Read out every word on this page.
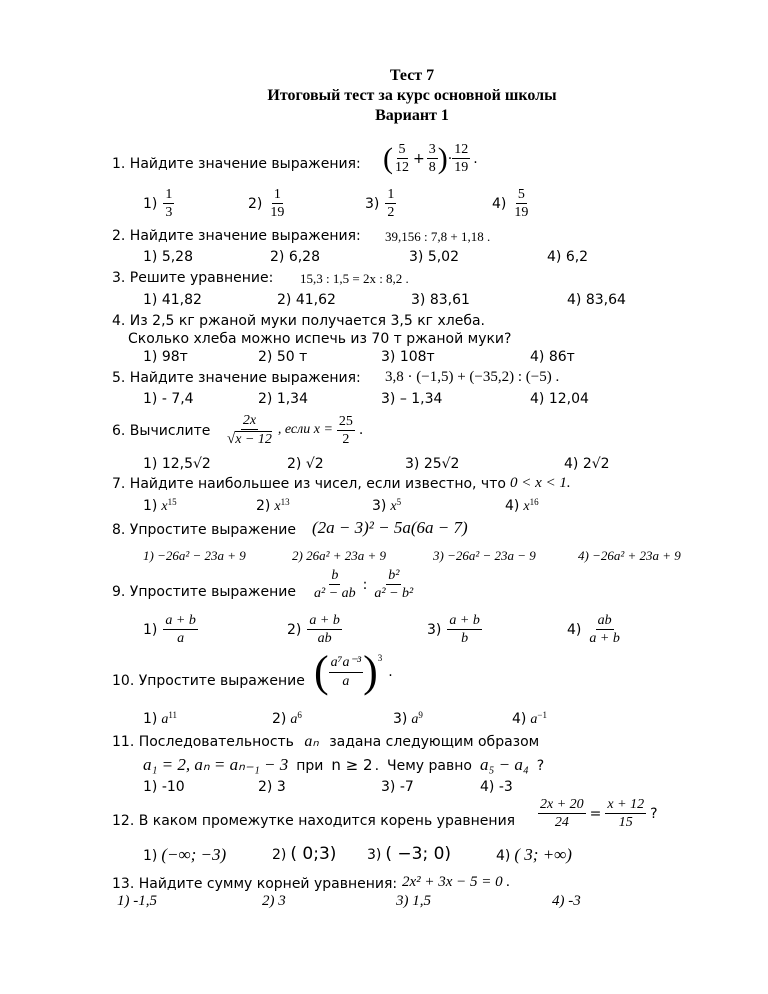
Тест 7
Итоговый тест за курс основной школы
Вариант 1
1. Найдите значение выражения: ( $\frac{5}{12} + \frac{3}{8}$ ) · $\frac{12}{19}$ .
$1) \frac{1}{3}$	$2) \frac{1}{19}$	$3) \frac{1}{2}$	$4) \frac{5}{19}$
2. Найдите значение выражения: 39,156 : 7,8 + 1,18 .
1) 5,28	2) 6,28	3) 5,02	4) 6,2
3. Решите уравнение: 15,3 : 1,5 = 2x : 8,2 .
1) 41,82	2) 41,62	3) 83,61	4) 83,64
4. Из 2,5 кг ржаной муки получается 3,5 кг хлеба.
Сколько хлеба можно испечь из 70 т ржаной муки?
1) 98т	2) 50 т	3) 108т	4) 86т
5. Найдите значение выражения: 3,8 · (−1,5) + (−35,2) : (−5) .
1) - 7,4	2) 1,34	3) – 1,34	4) 12,04
6. Вычислите $\frac{2x}{√x - 12}$ , если $x = \frac{25}{2}$ .
1) 12,5√2	2) √2	3) 25√2	4) 2√2
7. Найдите наибольшее из чисел, если известно, что 0 < x < 1.
1) $x^{15}$	2) $x^{13}$	3) $x^5$	4) $x^{16}$
8. Упростите выражение (2a − 3)² − 5a(6a − 7)
1) −26a² − 23a + 9	2) 26a² + 23a + 9	3) −26a² − 23a − 9	4) −26a² + 23a + 9
9. Упростите выражение $\frac{b}{\text{a² − ab}}$ : $\frac{\text{b²}}{\text{a² − b²}}$
$1) \frac{a + b}{a}$	$2) \frac{a + b}{ab}$	$3) \frac{a + b}{b}$	$4) \frac{ab}{a + b}$
10. Упростите выражение ( $\frac{\text{a⁷a⁻³}}{a}$ ) 3
.
1) $a^{11}$	2) $a^6$	3) $a^9$	4) $a^{-1}$
11. Последовательность aₙ задана следующим образом
a₁ = 2, aₙ = aₙ₋₁ − 3 при n ≥ 2 . Чему равно a₅ − a₄ ?
1) -10	2) 3	3) -7	4) -3
12. В каком промежутке находится корень уравнения $\frac{2x + 20}{24} = \frac{x + 12}{15}$ ?
1) (−∞; −3)	2) ( 0;3) 3) ( −3; 0)	4) ( 3; +∞)
13. Найдите сумму корней уравнения: 2x² + 3x − 5 = 0 .
1) -1,5	2) 3	3) 1,5	4) -3
